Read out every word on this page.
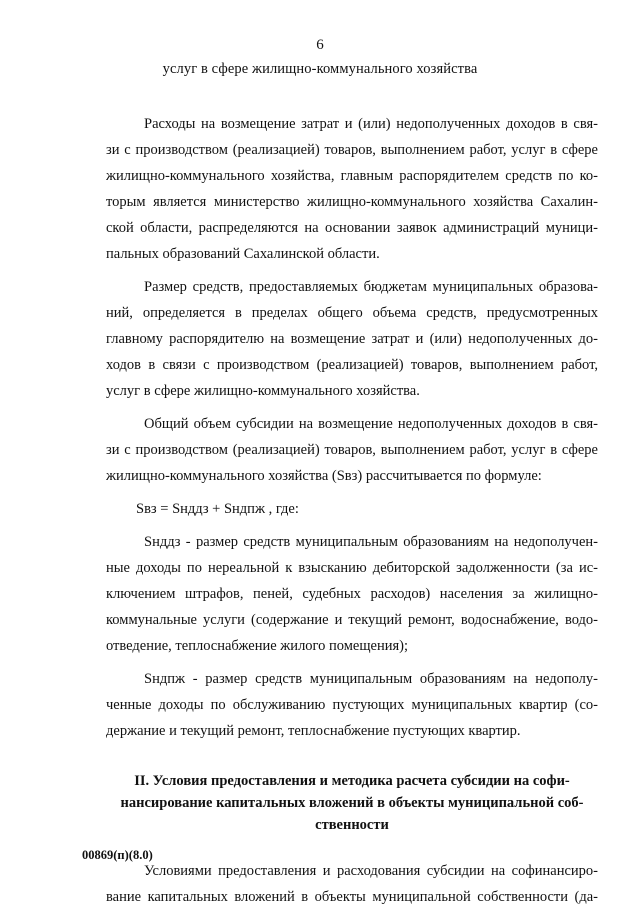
6
услуг в сфере жилищно-коммунального хозяйства

Расходы на возмещение затрат и (или) недополученных доходов в свя-
зи с производством (реализацией) товаров, выполнением работ, услуг в сфере
жилищно-коммунального хозяйства, главным распорядителем средств по ко-
торым является министерство жилищно-коммунального хозяйства Сахалин-
ской области, распределяются на основании заявок администраций муници-
пальных образований Сахалинской области.

Размер средств, предоставляемых бюджетам муниципальных образова-
ний, определяется в пределах общего объема средств, предусмотренных
главному распорядителю на возмещение затрат и (или) недополученных до-
ходов в связи с производством (реализацией) товаров, выполнением работ,
услуг в сфере жилищно-коммунального хозяйства.

Общий объем субсидии на возмещение недополученных доходов в свя-
зи с производством (реализацией) товаров, выполнением работ, услуг в сфере
жилищно-коммунального хозяйства (Sвз) рассчитывается по формуле:

Sвз = Sнддз + Sндпж , где:

Sнддз - размер средств муниципальным образованиям на недополучен-
ные доходы по нереальной к взысканию дебиторской задолженности (за ис-
ключением штрафов, пеней, судебных расходов) населения за жилищно-
коммунальные услуги (содержание и текущий ремонт, водоснабжение, водо-
отведение, теплоснабжение жилого помещения);

Sндпж - размер средств муниципальным образованиям на недополу-
ченные доходы по обслуживанию пустующих муниципальных квартир (со-
держание и текущий ремонт, теплоснабжение пустующих квартир.

II. Условия предоставления и методика расчета субсидии на софи-
нансирование капитальных вложений в объекты муниципальной соб-
ственности

Условиями предоставления и расходования субсидии на софинансиро-
вание капитальных вложений в объекты муниципальной собственности (да-

00869(п)(8.0)
